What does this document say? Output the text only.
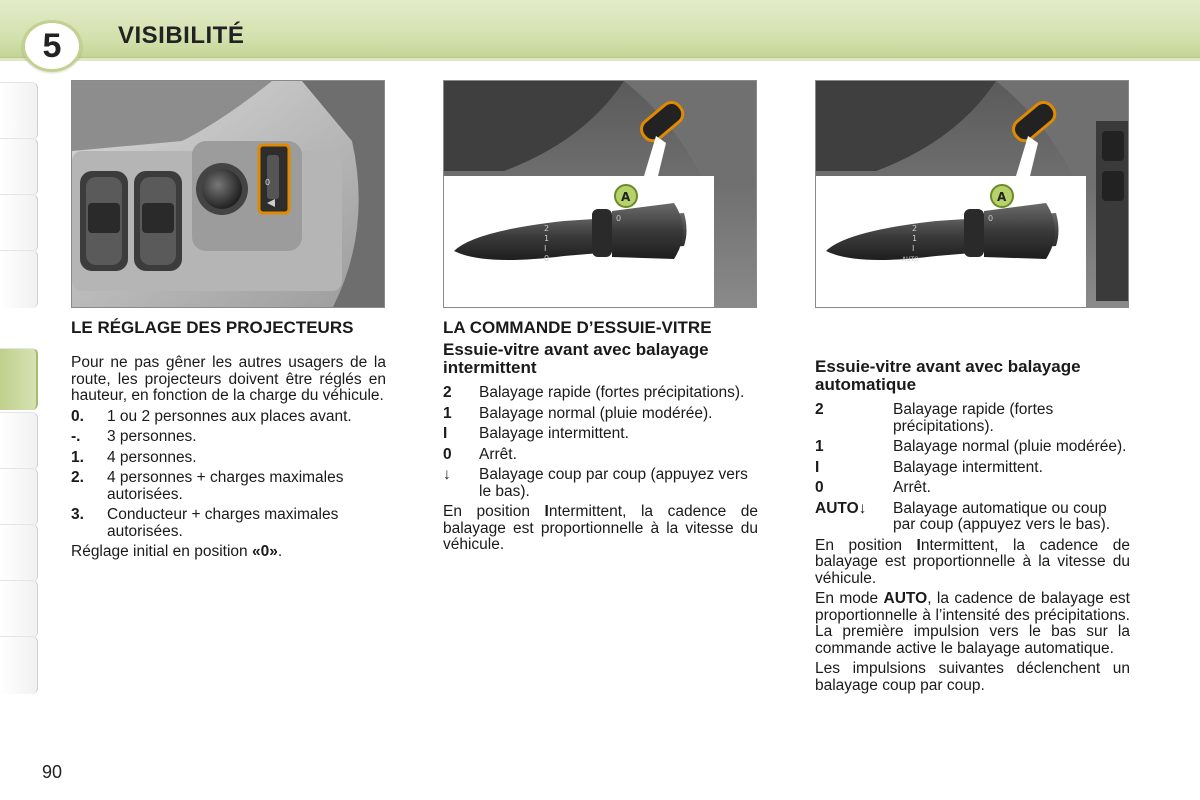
5	VISIBILITÉ
0
LE RÉGLAGE DES PROJECTEURS
Pour ne pas gêner les autres usagers de la route, les projecteurs doivent être réglés en hauteur, en fonction de la charge du véhicule.
0.	1 ou 2 personnes aux places avant.
-.	3 personnes.
1.	4 personnes.
2.	4 personnes + charges maximales autorisées.
3.	Conducteur + charges maximales autorisées.
Réglage initial en position «0».
A
2
1
I
0
0
LA COMMANDE D’ESSUIE-VITRE
Essuie-vitre avant avec balayage intermittent
2	Balayage rapide (fortes précipitations).
1	Balayage normal (pluie modérée).
I	Balayage intermittent.
0	Arrêt.
↓	Balayage coup par coup (appuyez vers le bas).
En position Intermittent, la cadence de balayage est proportionnelle à la vitesse du véhicule.
A
2
1
I
AUTO
0
Essuie-vitre avant avec balayage automatique
2	Balayage rapide (fortes précipitations).
1	Balayage normal (pluie modérée).
I	Balayage intermittent.
0	Arrêt.
AUTO↓	Balayage automatique ou coup par coup (appuyez vers le bas).
En position Intermittent, la cadence de balayage est proportionnelle à la vitesse du véhicule.
En mode AUTO, la cadence de balayage est proportionnelle à l’intensité des précipitations. La première impulsion vers le bas sur la commande active le balayage automatique.
Les impulsions suivantes déclenchent un balayage coup par coup.
90
